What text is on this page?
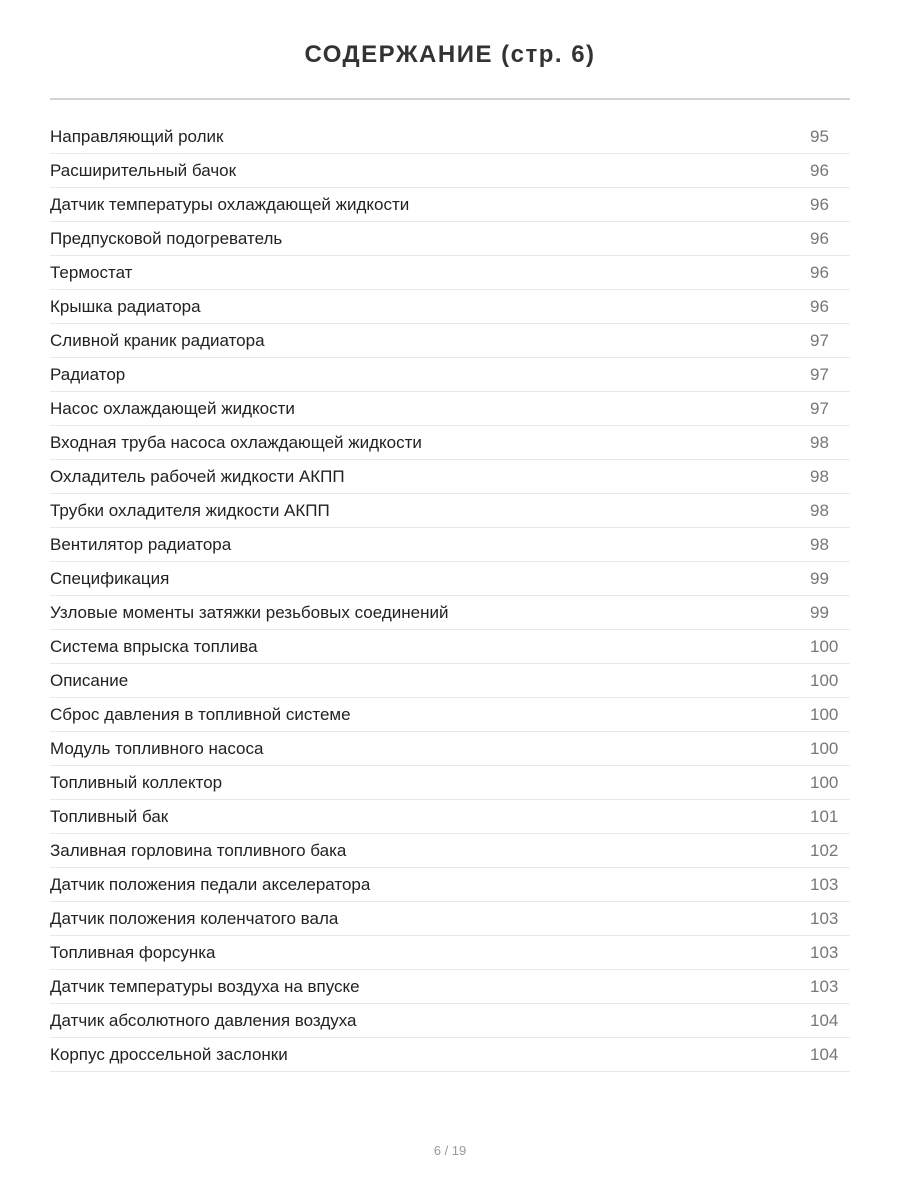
СОДЕРЖАНИЕ (стр. 6)
Направляющий ролик	95
Расширительный бачок	96
Датчик температуры охлаждающей жидкости	96
Предпусковой подогреватель	96
Термостат	96
Крышка радиатора	96
Сливной краник радиатора	97
Радиатор	97
Насос охлаждающей жидкости	97
Входная труба насоса охлаждающей жидкости	98
Охладитель рабочей жидкости АКПП	98
Трубки охладителя жидкости АКПП	98
Вентилятор радиатора	98
Спецификация	99
Узловые моменты затяжки резьбовых соединений	99
Система впрыска топлива	100
Описание	100
Сброс давления в топливной системе	100
Модуль топливного насоса	100
Топливный коллектор	100
Топливный бак	101
Заливная горловина топливного бака	102
Датчик положения педали акселератора	103
Датчик положения коленчатого вала	103
Топливная форсунка	103
Датчик температуры воздуха на впуске	103
Датчик абсолютного давления воздуха	104
Корпус дроссельной заслонки	104
6 / 19
